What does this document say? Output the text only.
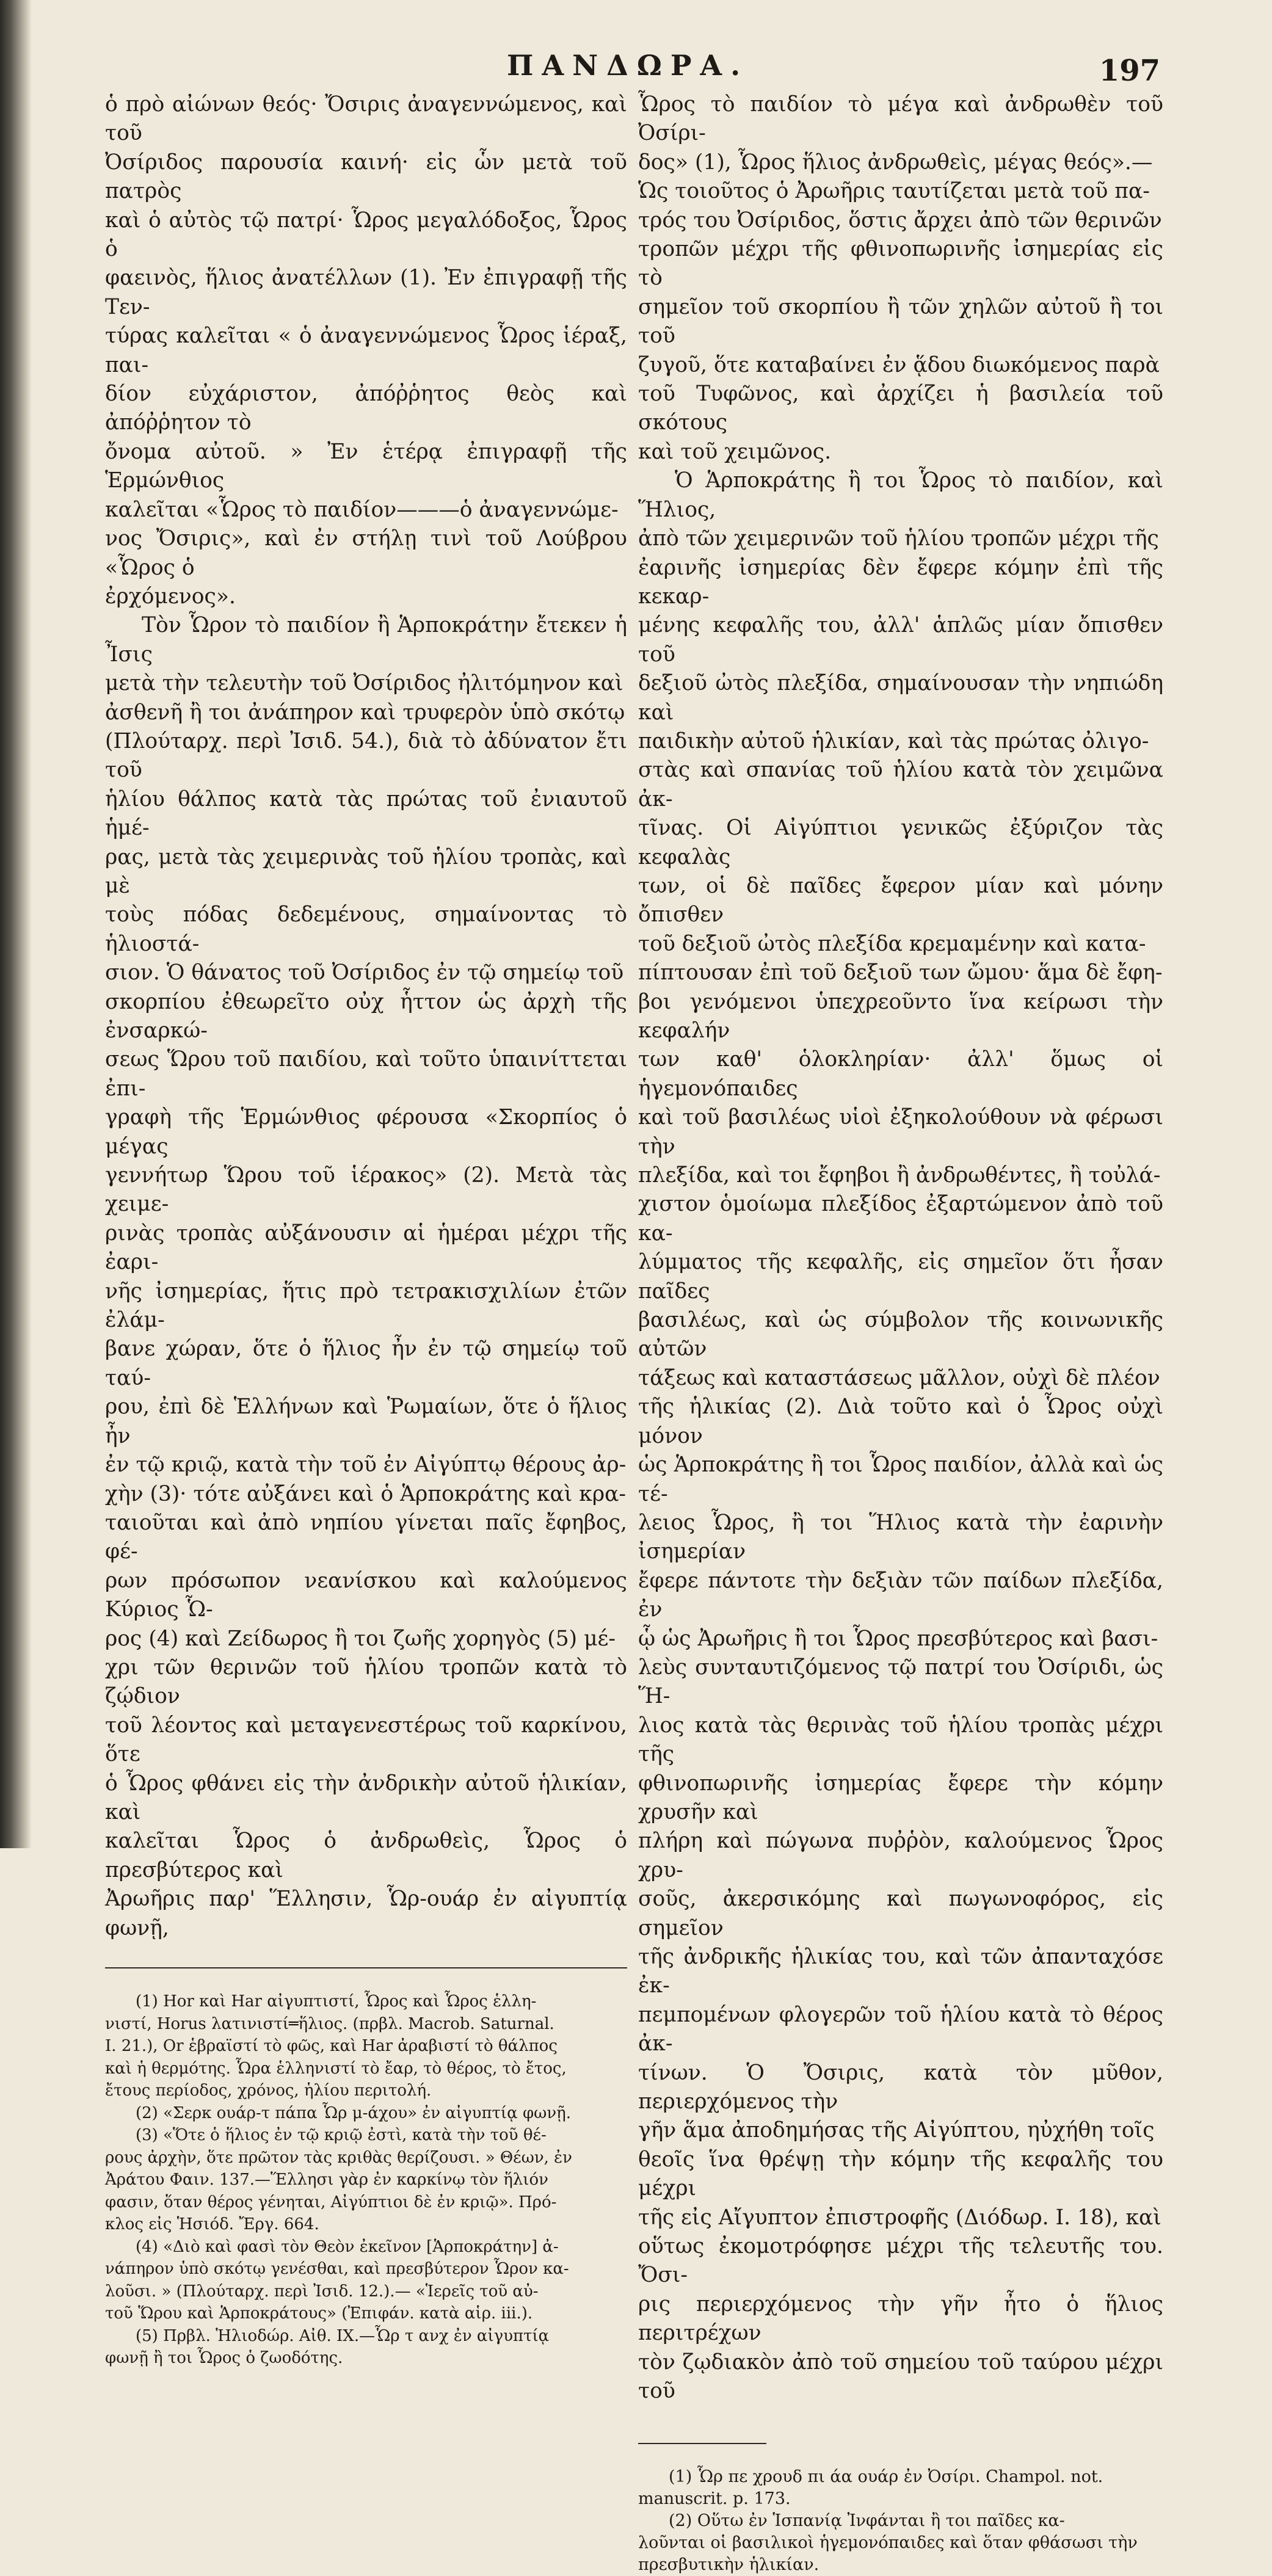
ΠΑΝΔΩΡΑ.	197

ὁ πρὸ αἰώνων θεός· Ὄσιρις ἀναγεννώμενος, καὶ τοῦ
Ὀσίριδος παρουσία καινή· εἰς ὧν μετὰ τοῦ πατρὸς
καὶ ὁ αὐτὸς τῷ πατρί· Ὧρος μεγαλόδοξος, Ὧρος ὁ
φαεινὸς, ἥλιος ἀνατέλλων (1). Ἐν ἐπιγραφῇ τῆς Τεν-
τύρας καλεῖται « ὁ ἀναγεννώμενος Ὧρος ἱέραξ, παι-
δίον εὐχάριστον, ἀπόῤῥητος θεὸς καὶ ἀπόῤῥητον τὸ
ὄνομα αὐτοῦ. » Ἐν ἑτέρᾳ ἐπιγραφῇ τῆς Ἑρμώνθιος
καλεῖται «Ὧρος τὸ παιδίον———ὁ ἀναγεννώμε-
νος Ὄσιρις», καὶ ἐν στήλῃ τινὶ τοῦ Λούβρου «Ὧρος ὁ
ἐρχόμενος».

Τὸν Ὧρον τὸ παιδίον ἢ Ἁρποκράτην ἔτεκεν ἡ Ἶσις
μετὰ τὴν τελευτὴν τοῦ Ὀσίριδος ἠλιτόμηνον καὶ
ἀσθενῆ ἢ τοι ἀνάπηρον καὶ τρυφερὸν ὑπὸ σκότῳ
(Πλούταρχ. περὶ Ἰσιδ. 54.), διὰ τὸ ἀδύνατον ἔτι τοῦ
ἡλίου θάλπος κατὰ τὰς πρώτας τοῦ ἐνιαυτοῦ ἡμέ-
ρας, μετὰ τὰς χειμερινὰς τοῦ ἡλίου τροπὰς, καὶ μὲ
τοὺς πόδας δεδεμένους, σημαίνοντας τὸ ἡλιοστά-
σιον. Ὁ θάνατος τοῦ Ὀσίριδος ἐν τῷ σημείῳ τοῦ
σκορπίου ἐθεωρεῖτο οὐχ ἧττον ὡς ἀρχὴ τῆς ἐνσαρκώ-
σεως Ὥρου τοῦ παιδίου, καὶ τοῦτο ὑπαινίττεται ἐπι-
γραφὴ τῆς Ἑρμώνθιος φέρουσα «Σκορπίος ὁ μέγας
γεννήτωρ Ὥρου τοῦ ἱέρακος» (2). Μετὰ τὰς χειμε-
ρινὰς τροπὰς αὐξάνουσιν αἱ ἡμέραι μέχρι τῆς ἐαρι-
νῆς ἰσημερίας, ἥτις πρὸ τετρακισχιλίων ἐτῶν ἐλάμ-
βανε χώραν, ὅτε ὁ ἥλιος ἦν ἐν τῷ σημείῳ τοῦ ταύ-
ρου, ἐπὶ δὲ Ἑλλήνων καὶ Ῥωμαίων, ὅτε ὁ ἥλιος ἦν
ἐν τῷ κριῷ, κατὰ τὴν τοῦ ἐν Αἰγύπτῳ θέρους ἀρ-
χὴν (3)· τότε αὐξάνει καὶ ὁ Ἁρποκράτης καὶ κρα-
ταιοῦται καὶ ἀπὸ νηπίου γίνεται παῖς ἔφηβος, φέ-
ρων πρόσωπον νεανίσκου καὶ καλούμενος Κύριος Ὧ-
ρος (4) καὶ Ζείδωρος ἢ τοι ζωῆς χορηγὸς (5) μέ-
χρι τῶν θερινῶν τοῦ ἡλίου τροπῶν κατὰ τὸ ζῴδιον
τοῦ λέοντος καὶ μεταγενεστέρως τοῦ καρκίνου, ὅτε
ὁ Ὧρος φθάνει εἰς τὴν ἀνδρικὴν αὐτοῦ ἡλικίαν, καὶ
καλεῖται Ὧρος ὁ ἀνδρωθεὶς, Ὧρος ὁ πρεσβύτερος καὶ
Ἀρωῆρις παρ' Ἕλλησιν, Ὧρ-ουάρ ἐν αἰγυπτίᾳ φωνῇ,

(1) Hor καὶ Har αἰγυπτιστί, Ὧρος καὶ Ὧρος ἑλλη-
νιστί, Horus λατινιστί═ἥλιος. (πρβλ. Macrob. Saturnal.
I. 21.), Or ἑβραϊστί τὸ φῶς, καὶ Har ἀραβιστί τὸ θάλπος
καὶ ἡ θερμότης. Ὧρα ἑλληνιστί τὸ ἔαρ, τὸ θέρος, τὸ ἔτος,
ἔτους περίοδος, χρόνος, ἡλίου περιτολή.

(2) «Σερκ ουάρ-τ πάπα Ὧρ μ-άχου» ἐν αἰγυπτίᾳ φωνῇ.

(3) «Ὅτε ὁ ἥλιος ἐν τῷ κριῷ ἐστὶ, κατὰ τὴν τοῦ θέ-
ρους ἀρχὴν, ὅτε πρῶτον τὰς κριθὰς θερίζουσι. » Θέων, ἐν
Ἀράτου Φαιν. 137.—Ἕλλησι γὰρ ἐν καρκίνῳ τὸν ἥλιόν
φασιν, ὅταν θέρος γένηται, Αἰγύπτιοι δὲ ἐν κριῷ». Πρό-
κλος εἰς Ἡσιόδ. Ἔργ. 664.

(4) «Διὸ καὶ φασὶ τὸν Θεὸν ἐκεῖνον [Ἁρποκράτην] ἀ-
νάπηρον ὑπὸ σκότῳ γενέσθαι, καὶ πρεσβύτερον Ὧρον κα-
λοῦσι. » (Πλούταρχ. περὶ Ἰσιδ. 12.).— «Ἱερεῖς τοῦ αὐ-
τοῦ Ὥρου καὶ Ἁρποκράτους» (Ἐπιφάν. κατὰ αἱρ. iii.).

(5) Πρβλ. Ἡλιοδώρ. Αἰθ. IX.—Ὧρ τ ανχ ἐν αἰγυπτίᾳ
φωνῇ ἢ τοι Ὧρος ὁ ζωοδότης.

Ὧρος τὸ παιδίον τὸ μέγα καὶ ἀνδρωθὲν τοῦ Ὀσίρι-
δος» (1), Ὧρος ἥλιος ἀνδρωθεὶς, μέγας θεός».—
Ὡς τοιοῦτος ὁ Ἀρωῆρις ταυτίζεται μετὰ τοῦ πα-
τρός του Ὀσίριδος, ὅστις ἄρχει ἀπὸ τῶν θερινῶν
τροπῶν μέχρι τῆς φθινοπωρινῆς ἰσημερίας εἰς τὸ
σημεῖον τοῦ σκορπίου ἢ τῶν χηλῶν αὐτοῦ ἢ τοι τοῦ
ζυγοῦ, ὅτε καταβαίνει ἐν ᾅδου διωκόμενος παρὰ
τοῦ Τυφῶνος, καὶ ἀρχίζει ἡ βασιλεία τοῦ σκότους
καὶ τοῦ χειμῶνος.

Ὁ Ἁρποκράτης ἢ τοι Ὧρος τὸ παιδίον, καὶ Ἥλιος,
ἀπὸ τῶν χειμερινῶν τοῦ ἡλίου τροπῶν μέχρι τῆς
ἐαρινῆς ἰσημερίας δὲν ἔφερε κόμην ἐπὶ τῆς κεκαρ-
μένης κεφαλῆς του, ἀλλ' ἁπλῶς μίαν ὄπισθεν τοῦ
δεξιοῦ ὠτὸς πλεξίδα, σημαίνουσαν τὴν νηπιώδη καὶ
παιδικὴν αὐτοῦ ἡλικίαν, καὶ τὰς πρώτας ὀλιγο-
στὰς καὶ σπανίας τοῦ ἡλίου κατὰ τὸν χειμῶνα ἀκ-
τῖνας. Οἱ Αἰγύπτιοι γενικῶς ἐξύριζον τὰς κεφαλὰς
των, οἱ δὲ παῖδες ἔφερον μίαν καὶ μόνην ὄπισθεν
τοῦ δεξιοῦ ὠτὸς πλεξίδα κρεμαμένην καὶ κατα-
πίπτουσαν ἐπὶ τοῦ δεξιοῦ των ὤμου· ἅμα δὲ ἔφη-
βοι γενόμενοι ὑπεχρεοῦντο ἵνα κείρωσι τὴν κεφαλήν
των καθ' ὁλοκληρίαν· ἀλλ' ὅμως οἱ ἡγεμονόπαιδες
καὶ τοῦ βασιλέως υἱοὶ ἐξηκολούθουν νὰ φέρωσι τὴν
πλεξίδα, καὶ τοι ἔφηβοι ἢ ἀνδρωθέντες, ἢ τοὐλά-
χιστον ὁμοίωμα πλεξίδος ἐξαρτώμενον ἀπὸ τοῦ κα-
λύμματος τῆς κεφαλῆς, εἰς σημεῖον ὅτι ἦσαν παῖδες
βασιλέως, καὶ ὡς σύμβολον τῆς κοινωνικῆς αὐτῶν
τάξεως καὶ καταστάσεως μᾶλλον, οὐχὶ δὲ πλέον
τῆς ἡλικίας (2). Διὰ τοῦτο καὶ ὁ Ὧρος οὐχὶ μόνον
ὡς Ἁρποκράτης ἢ τοι Ὧρος παιδίον, ἀλλὰ καὶ ὡς τέ-
λειος Ὧρος, ἢ τοι Ἥλιος κατὰ τὴν ἐαρινὴν ἰσημερίαν
ἔφερε πάντοτε τὴν δεξιὰν τῶν παίδων πλεξίδα, ἐν
ᾧ ὡς Ἀρωῆρις ἢ τοι Ὧρος πρεσβύτερος καὶ βασι-
λεὺς συνταυτιζόμενος τῷ πατρί του Ὀσίριδι, ὡς Ἥ-
λιος κατὰ τὰς θερινὰς τοῦ ἡλίου τροπὰς μέχρι τῆς
φθινοπωρινῆς ἰσημερίας ἔφερε τὴν κόμην χρυσῆν καὶ
πλήρη καὶ πώγωνα πυῤῥὸν, καλούμενος Ὧρος χρυ-
σοῦς, ἀκερσικόμης καὶ πωγωνοφόρος, εἰς σημεῖον
τῆς ἀνδρικῆς ἡλικίας του, καὶ τῶν ἀπανταχόσε ἐκ-
πεμπομένων φλογερῶν τοῦ ἡλίου κατὰ τὸ θέρος ἀκ-
τίνων. Ὁ Ὄσιρις, κατὰ τὸν μῦθον, περιερχόμενος τὴν
γῆν ἅμα ἀποδημήσας τῆς Αἰγύπτου, ηὐχήθη τοῖς
θεοῖς ἵνα θρέψῃ τὴν κόμην τῆς κεφαλῆς του μέχρι
τῆς εἰς Αἴγυπτον ἐπιστροφῆς (Διόδωρ. I. 18), καὶ
οὕτως ἐκομοτρόφησε μέχρι τῆς τελευτῆς του. Ὄσι-
ρις περιερχόμενος τὴν γῆν ἦτο ὁ ἥλιος περιτρέχων
τὸν ζῳδιακὸν ἀπὸ τοῦ σημείου τοῦ ταύρου μέχρι τοῦ

(1) Ὧρ πε χρουδ πι άα ουάρ ἐν Ὀσίρι. Champol. not.
manuscrit. p. 173.

(2) Οὕτω ἐν Ἱσπανίᾳ Ἰνφάνται ἢ τοι παῖδες κα-
λοῦνται οἱ βασιλικοὶ ἡγεμονόπαιδες καὶ ὅταν φθάσωσι τὴν
πρεσβυτικὴν ἡλικίαν.
